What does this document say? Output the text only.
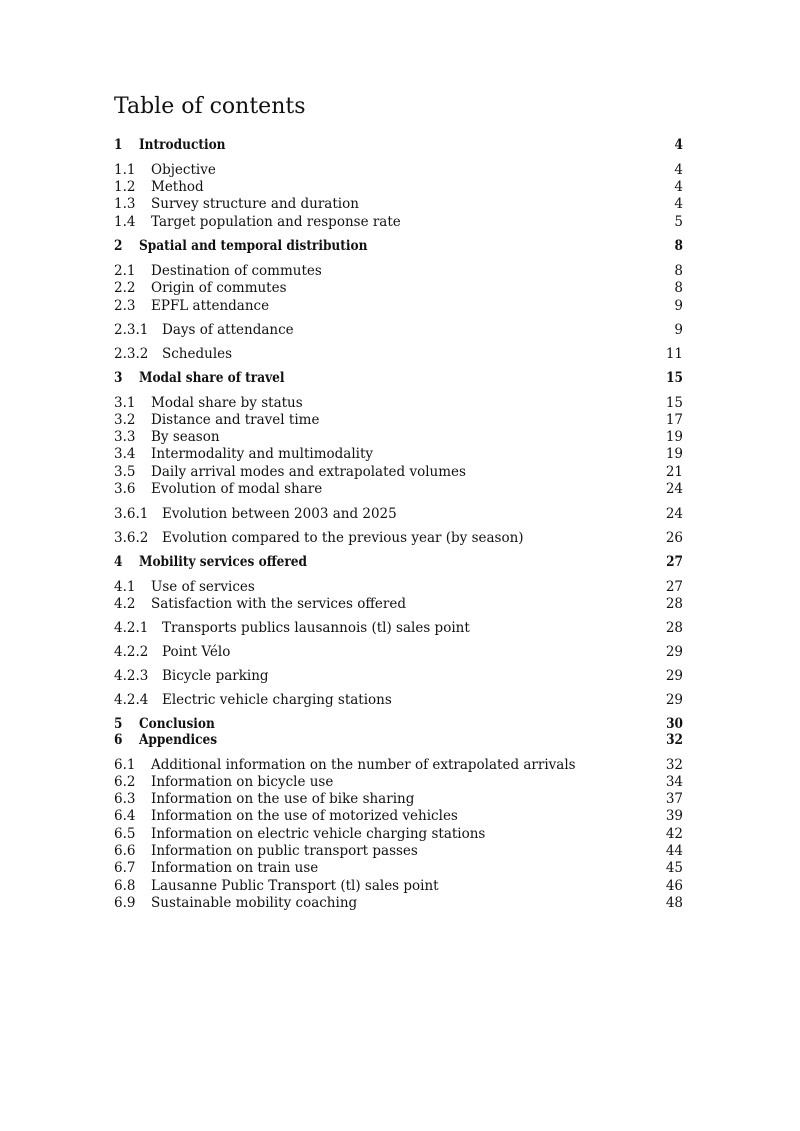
Table of contents
1 Introduction	4
1.1 Objective	4
1.2 Method	4
1.3 Survey structure and duration	4
1.4 Target population and response rate	5
2 Spatial and temporal distribution	8
2.1 Destination of commutes	8
2.2 Origin of commutes	8
2.3 EPFL attendance	9
2.3.1 Days of attendance	9
2.3.2 Schedules	11
3 Modal share of travel	15
3.1 Modal share by status	15
3.2 Distance and travel time	17
3.3 By season	19
3.4 Intermodality and multimodality	19
3.5 Daily arrival modes and extrapolated volumes	21
3.6 Evolution of modal share	24
3.6.1 Evolution between 2003 and 2025	24
3.6.2 Evolution compared to the previous year (by season)	26
4 Mobility services offered	27
4.1 Use of services	27
4.2 Satisfaction with the services offered	28
4.2.1 Transports publics lausannois (tl) sales point	28
4.2.2 Point Vélo	29
4.2.3 Bicycle parking	29
4.2.4 Electric vehicle charging stations	29
5 Conclusion	30
6 Appendices	32
6.1 Additional information on the number of extrapolated arrivals	32
6.2 Information on bicycle use	34
6.3 Information on the use of bike sharing	37
6.4 Information on the use of motorized vehicles	39
6.5 Information on electric vehicle charging stations	42
6.6 Information on public transport passes	44
6.7 Information on train use	45
6.8 Lausanne Public Transport (tl) sales point	46
6.9 Sustainable mobility coaching	48
